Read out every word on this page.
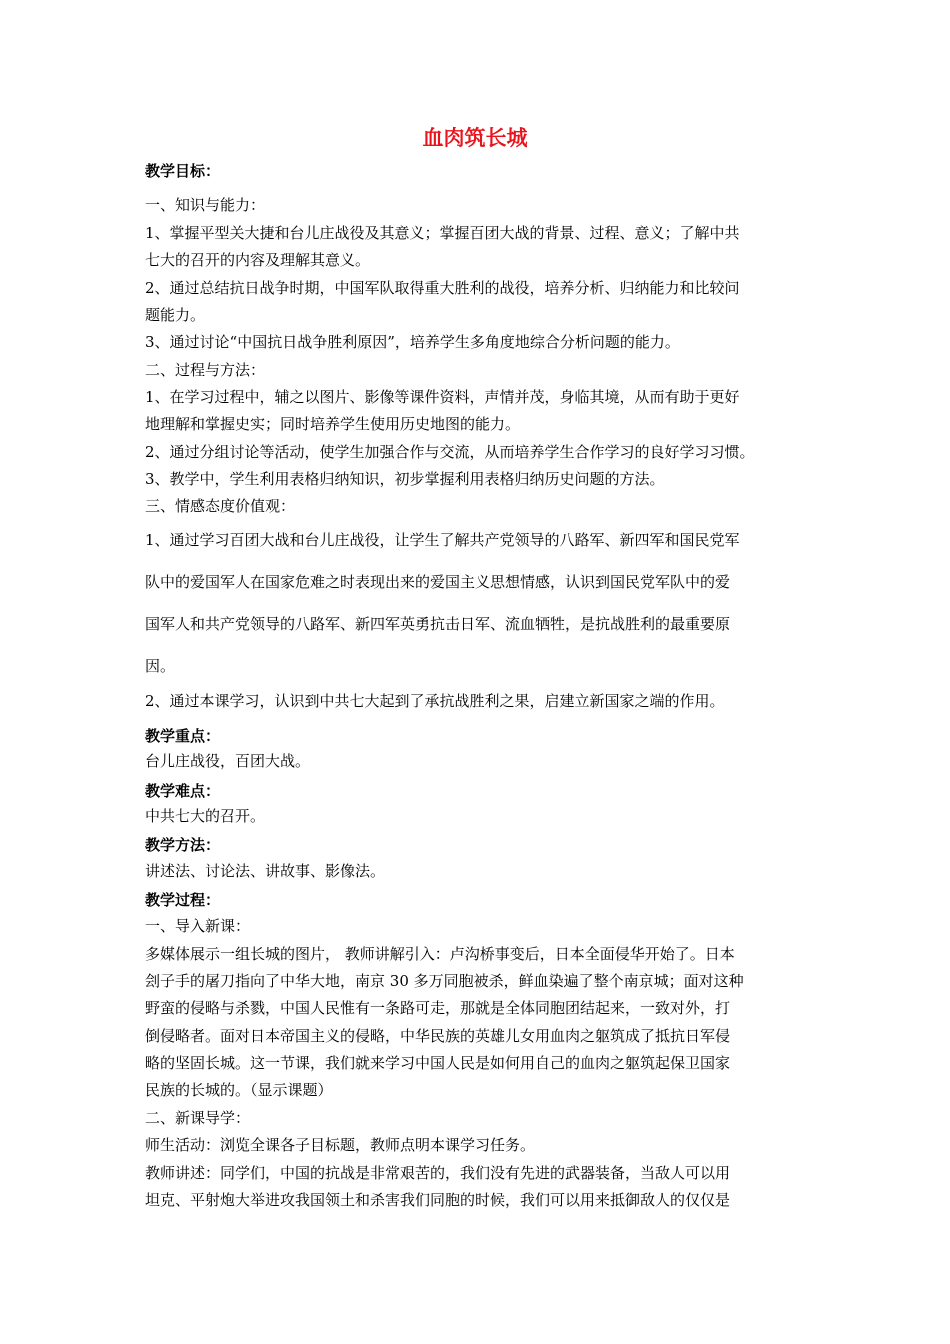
血肉筑长城
教学目标：
一、知识与能力：
1、掌握平型关大捷和台儿庄战役及其意义；掌握百团大战的背景、过程、意义；了解中共
七大的召开的内容及理解其意义。
2、通过总结抗日战争时期，中国军队取得重大胜利的战役，培养分析、归纳能力和比较问
题能力。
3、通过讨论“中国抗日战争胜利原因”，培养学生多角度地综合分析问题的能力。
二、过程与方法：
1、在学习过程中，辅之以图片、影像等课件资料，声情并茂，身临其境，从而有助于更好
地理解和掌握史实；同时培养学生使用历史地图的能力。
2、通过分组讨论等活动，使学生加强合作与交流，从而培养学生合作学习的良好学习习惯。
3、教学中，学生利用表格归纳知识，初步掌握利用表格归纳历史问题的方法。
三、情感态度价值观：
1、通过学习百团大战和台儿庄战役，让学生了解共产党领导的八路军、新四军和国民党军
队中的爱国军人在国家危难之时表现出来的爱国主义思想情感，认识到国民党军队中的爱
国军人和共产党领导的八路军、新四军英勇抗击日军、流血牺牲，是抗战胜利的最重要原
因。
2、通过本课学习，认识到中共七大起到了承抗战胜利之果，启建立新国家之端的作用。
教学重点：
台儿庄战役，百团大战。
教学难点：
中共七大的召开。
教学方法：
讲述法、讨论法、讲故事、影像法。
教学过程：
一、导入新课：
多媒体展示一组长城的图片， 教师讲解引入：卢沟桥事变后，日本全面侵华开始了。日本
刽子手的屠刀指向了中华大地，南京 30 多万同胞被杀，鲜血染遍了整个南京城；面对这种
野蛮的侵略与杀戮，中国人民惟有一条路可走，那就是全体同胞团结起来，一致对外，打
倒侵略者。面对日本帝国主义的侵略，中华民族的英雄儿女用血肉之躯筑成了抵抗日军侵
略的坚固长城。这一节课，我们就来学习中国人民是如何用自己的血肉之躯筑起保卫国家
民族的长城的。（显示课题）
二、新课导学：
师生活动：浏览全课各子目标题，教师点明本课学习任务。
教师讲述：同学们，中国的抗战是非常艰苦的，我们没有先进的武器装备，当敌人可以用
坦克、平射炮大举进攻我国领土和杀害我们同胞的时候，我们可以用来抵御敌人的仅仅是
